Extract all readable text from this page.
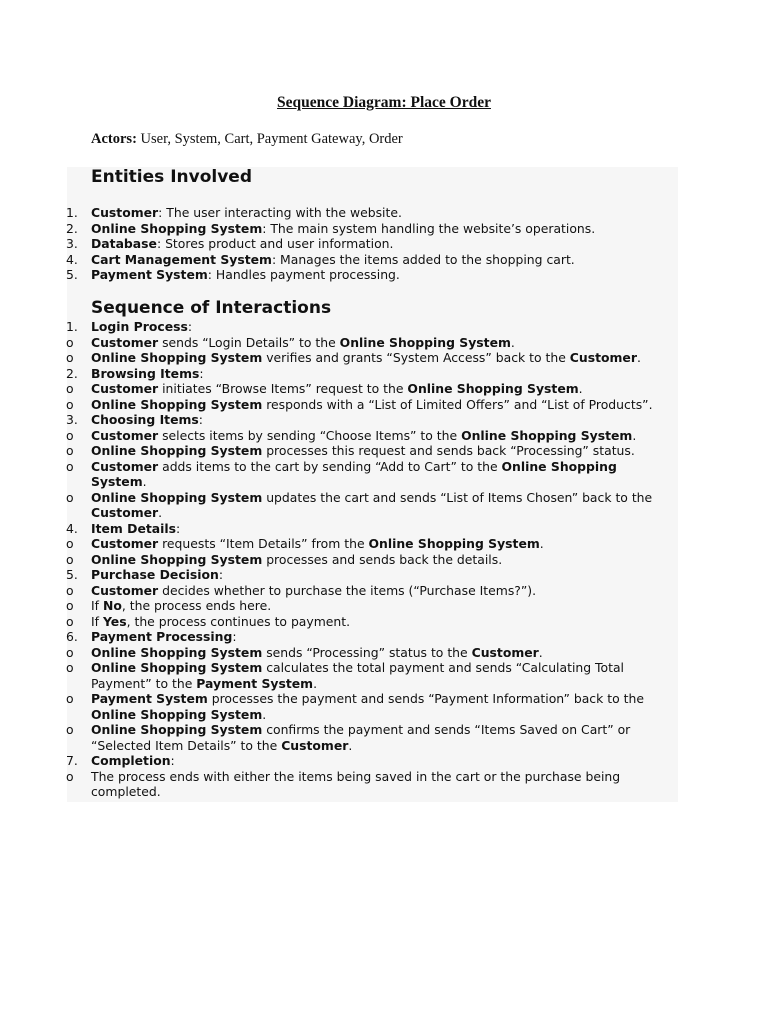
Sequence Diagram: Place Order
Actors: User, System, Cart, Payment Gateway, Order
Entities Involved
1.	Customer: The user interacting with the website.
2.	Online Shopping System: The main system handling the website’s operations.
3.	Database: Stores product and user information.
4.	Cart Management System: Manages the items added to the shopping cart.
5.	Payment System: Handles payment processing.
Sequence of Interactions
1.	Login Process:
o	Customer sends “Login Details” to the Online Shopping System.
o	Online Shopping System verifies and grants “System Access” back to the Customer.
2.	Browsing Items:
o	Customer initiates “Browse Items” request to the Online Shopping System.
o	Online Shopping System responds with a “List of Limited Offers” and “List of Products”.
3.	Choosing Items:
o	Customer selects items by sending “Choose Items” to the Online Shopping System.
o	Online Shopping System processes this request and sends back “Processing” status.
o	Customer adds items to the cart by sending “Add to Cart” to the Online Shopping System.
o	Online Shopping System updates the cart and sends “List of Items Chosen” back to the Customer.
4.	Item Details:
o	Customer requests “Item Details” from the Online Shopping System.
o	Online Shopping System processes and sends back the details.
5.	Purchase Decision:
o	Customer decides whether to purchase the items (“Purchase Items?”).
o	If No, the process ends here.
o	If Yes, the process continues to payment.
6.	Payment Processing:
o	Online Shopping System sends “Processing” status to the Customer.
o	Online Shopping System calculates the total payment and sends “Calculating Total Payment” to the Payment System.
o	Payment System processes the payment and sends “Payment Information” back to the Online Shopping System.
o	Online Shopping System confirms the payment and sends “Items Saved on Cart” or “Selected Item Details” to the Customer.
7.	Completion:
o	The process ends with either the items being saved in the cart or the purchase being completed.
